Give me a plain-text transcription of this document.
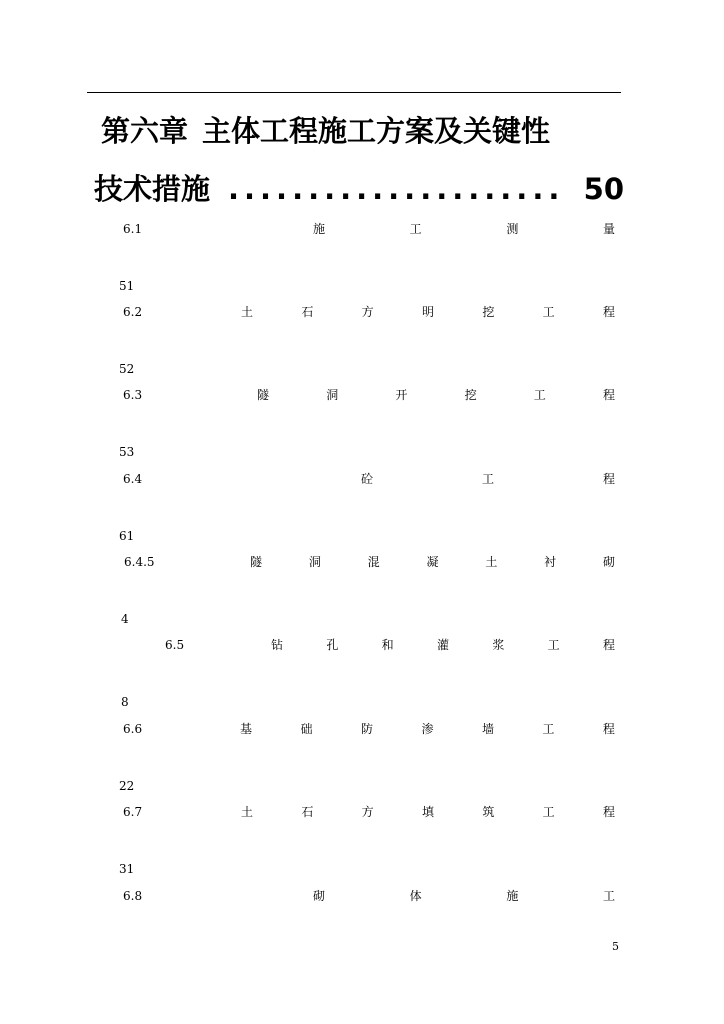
第六章 主体工程施工方案及关键性
技术措施 ..................... 50
6.1	施	工	测	量
51
6.2	土	石	方	明	挖	工	程
52
6.3	隧	洞	开	挖	工	程
53
6.4	砼	工	程
61
6.4.5	隧	洞	混	凝	土	衬	砌
4
6.5	钻	孔	和	灌	浆	工	程
8
6.6	基	础	防	渗	墙	工	程
22
6.7	土	石	方	填	筑	工	程
31
6.8	砌	体	施	工
5
